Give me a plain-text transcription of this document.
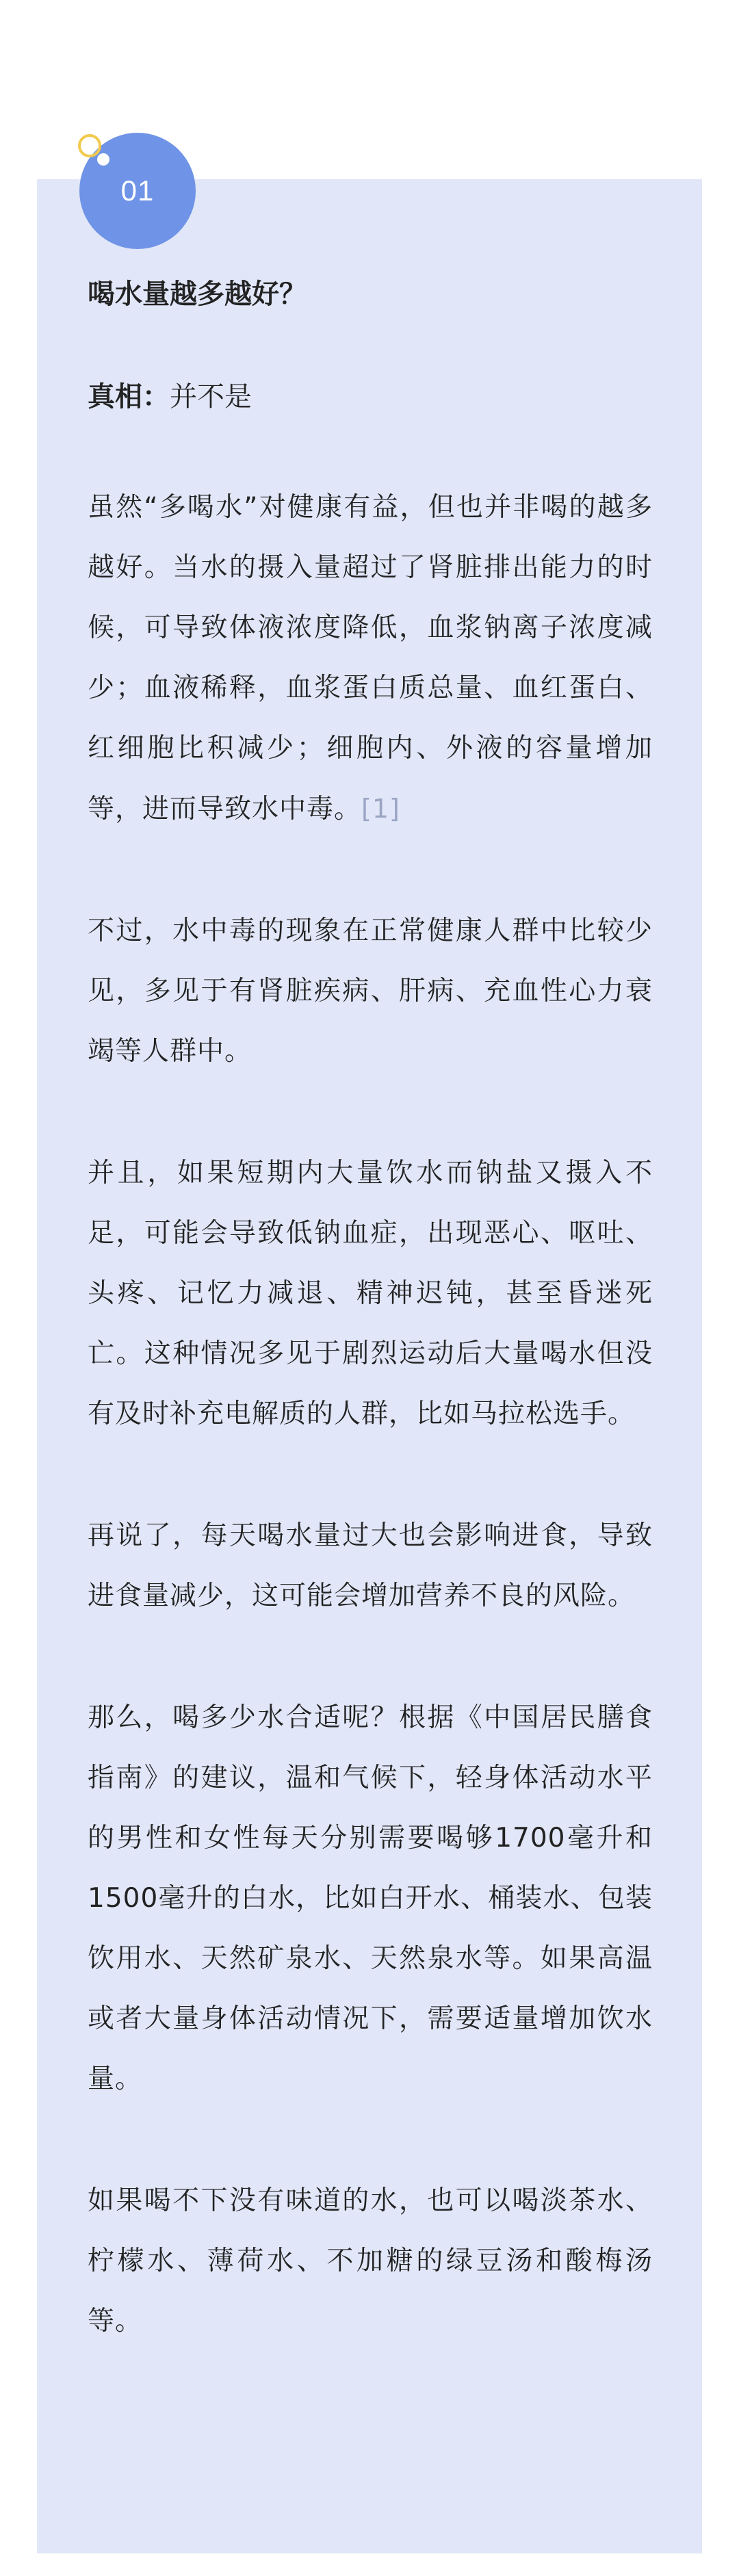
01
喝水量越多越好？
真相：并不是

虽然“多喝水”对健康有益，但也并非喝的越多越好。当水的摄入量超过了肾脏排出能力的时候，可导致体液浓度降低，血浆钠离子浓度减少；血液稀释，血浆蛋白质总量、血红蛋白、红细胞比积减少；细胞内、外液的容量增加等，进而导致水中毒。[1]

不过，水中毒的现象在正常健康人群中比较少见，多见于有肾脏疾病、肝病、充血性心力衰竭等人群中。

并且，如果短期内大量饮水而钠盐又摄入不足，可能会导致低钠血症，出现恶心、呕吐、头疼、记忆力减退、精神迟钝，甚至昏迷死亡。这种情况多见于剧烈运动后大量喝水但没有及时补充电解质的人群，比如马拉松选手。

再说了，每天喝水量过大也会影响进食，导致进食量减少，这可能会增加营养不良的风险。

那么，喝多少水合适呢？根据《中国居民膳食指南》的建议，温和气候下，轻身体活动水平的男性和女性每天分别需要喝够1700毫升和1500毫升的白水，比如白开水、桶装水、包装饮用水、天然矿泉水、天然泉水等。如果高温或者大量身体活动情况下，需要适量增加饮水量。

如果喝不下没有味道的水，也可以喝淡茶水、柠檬水、薄荷水、不加糖的绿豆汤和酸梅汤等。
